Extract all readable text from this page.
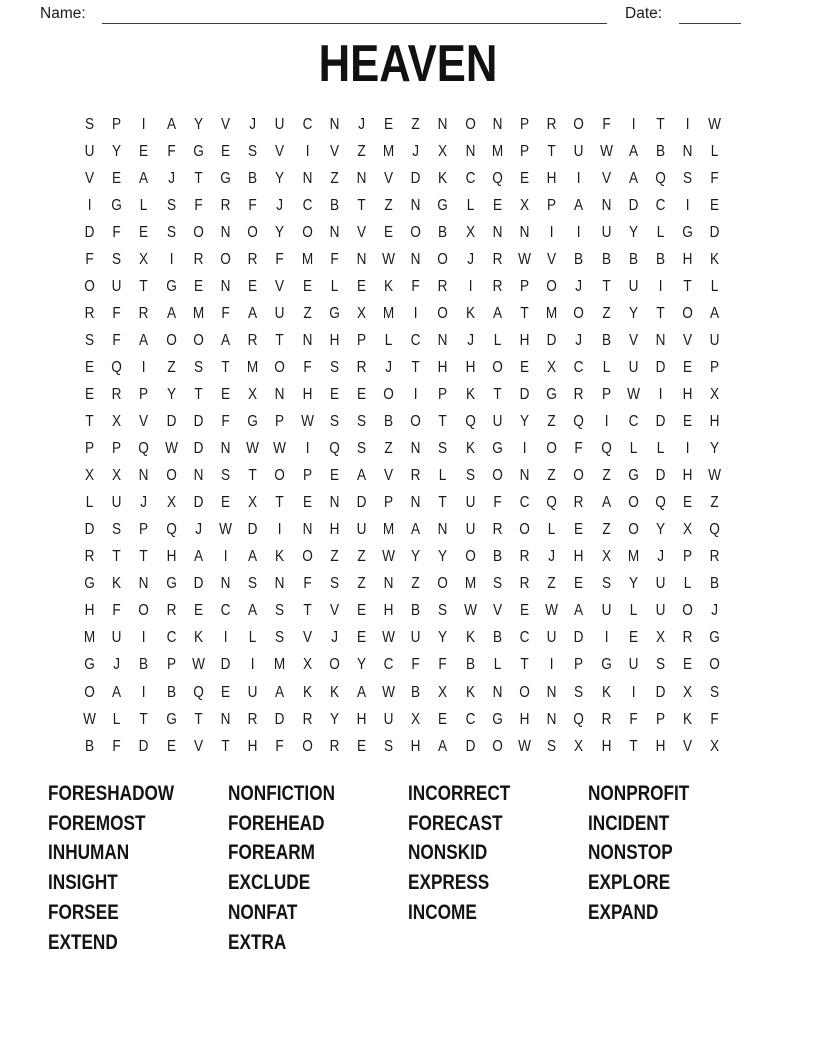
Name:	Date:
HEAVEN
S	P	I	A	Y	V	J	U	C	N	J	E	Z	N	O	N	P	R	O	F	I	T	I	W
U	Y	E	F	G	E	S	V	I	V	Z	M	J	X	N	M	P	T	U W	A	B	N	L
V	E	A	J	T	G	B	Y	N	Z	N	V	D	K	C	Q	E	H	I	V	A	Q	S	F
I	G	L	S	F	R	F	J	C	B	T	Z	N	G	L	E	X	P	A	N	D	C	I	E
D	F	E	S	O	N	O	Y	O	N	V	E	O	B	X	N	N	I	I	U	Y	L	G	D
F	S	X	I	R	O	R	F	M	F	N W N	O	J	R W	V	B	B	B	B	H	K
O	U	T	G	E	N	E	V	E	L	E	K	F	R	I	R	P	O	J	T	U	I	T	L
R	F	R	A	M	F	A	U	Z	G	X	M	I	O	K	A	T	M	O	Z	Y	T	O	A
S	F	A	O	O	A	R	T	N	H	P	L	C	N	J	L	H	D	J	B	V	N	V	U
E	Q	I	Z	S	T	M	O	F	S	R	J	T	H	H	O	E	X	C	L	U	D	E	P
E	R	P	Y	T	E	X	N	H	E	E	O	I	P	K	T	D	G	R	P	W	I	H	X
T	X	V	D	D	F	G	P	W	S	S	B	O	T	Q	U	Y	Z	Q	I	C	D	E	H
P	P	Q W D	N W W	I	Q	S	Z	N	S	K	G	I	O	F	Q	L	L	I	Y
X	X	N	O	N	S	T	O	P	E	A	V	R	L	S	O	N	Z	O	Z	G	D	H W
L	U	J	X	D	E	X	T	E	N	D	P	N	T	U	F	C	Q	R	A	O	Q	E	Z
D	S	P	Q	J	W D	I	N	H	U	M	A	N	U	R	O	L	E	Z	O	Y	X	Q
R	T	T	H	A	I	A	K	O	Z	Z	W	Y	Y	O	B	R	J	H	X	M	J	P	R
G	K	N	G	D	N	S	N	F	S	Z	N	Z	O	M	S	R	Z	E	S	Y	U	L	B
H	F	O	R	E	C	A	S	T	V	E	H	B	S	W	V	E	W	A	U	L	U	O	J
M	U	I	C	K	I	L	S	V	J	E	W U	Y	K	B	C	U	D	I	E	X	R	G
G	J	B	P	W D	I	M	X	O	Y	C	F	F	B	L	T	I	P	G	U	S	E	O
O	A	I	B	Q	E	U	A	K	K	A	W	B	X	K	N	O	N	S	K	I	D	X	S
W	L	T	G	T	N	R	D	R	Y	H	U	X	E	C	G	H	N	Q	R	F	P	K	F
B	F	D	E	V	T	H	F	O	R	E	S	H	A	D	O W	S	X	H	T	H	V	X
FORESHADOW
FOREMOST
INHUMAN
INSIGHT
FORSEE
EXTEND
NONFICTION
FOREHEAD
FOREARM
EXCLUDE
NONFAT
EXTRA
INCORRECT
FORECAST
NONSKID
EXPRESS
INCOME
NONPROFIT
INCIDENT
NONSTOP
EXPLORE
EXPAND
